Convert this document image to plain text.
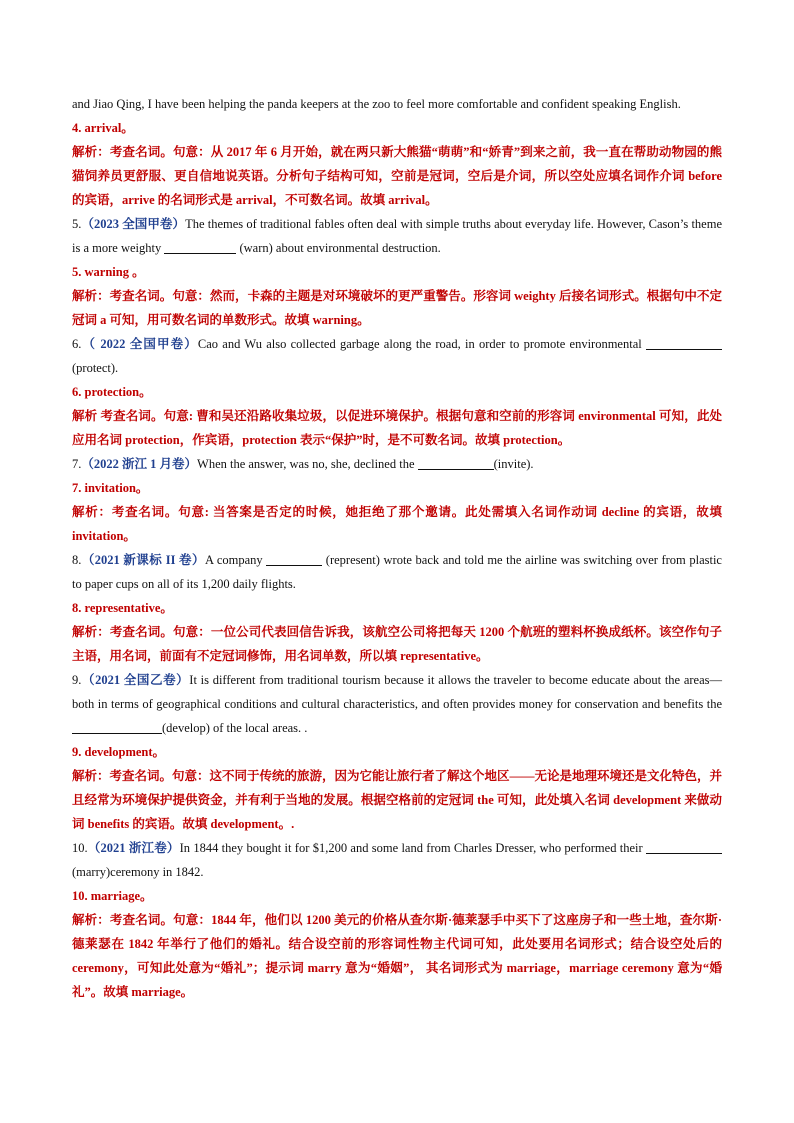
and Jiao Qing, I have been helping the panda keepers at the zoo to feel more comfortable and confident speaking English.
4. arrival。
解析：考查名词。句意：从 2017 年 6 月开始，就在两只新大熊猫“萌萌”和“娇青”到来之前，我一直在帮助动物园的熊猫饲养员更舒服、更自信地说英语。分析句子结构可知，空前是冠词，空后是介词，所以空处应填名词作介词 before 的宾语，arrive 的名词形式是 arrival，不可数名词。故填 arrival。
5.（2023 全国甲卷）The themes of traditional fables often deal with simple truths about everyday life. However, Cason’s theme is a more weighty	(warn) about environmental destruction.
5. warning 。
解析：考查名词。句意：然而，卡森的主题是对环境破坏的更严重警告。形容词 weighty 后接名词形式。根据句中不定冠词 a 可知，用可数名词的单数形式。故填 warning。
6.（ 2022 全国甲卷）Cao and Wu also collected garbage along the road, in order to promote environmental  (protect).
6. protection。
解析 考查名词。句意: 曹和吴还沿路收集垃圾，以促进环境保护。根据句意和空前的形容词 environmental 可知，此处应用名词 protection，作宾语，protection 表示“保护”时，是不可数名词。故填 protection。
7.（2022 浙江 1 月卷）When the answer, was no, she, declined the	(invite).
7. invitation。
解析：考查名词。句意: 当答案是否定的时候，她拒绝了那个邀请。此处需填入名词作动词 decline 的宾语，故填 invitation。
8.（2021 新课标 II 卷）A company	(represent) wrote back and told me the airline was switching over from plastic to paper cups on all of its 1,200 daily flights.
8. representative。
解析：考查名词。句意：一位公司代表回信告诉我，该航空公司将把每天 1200 个航班的塑料杯换成纸杯。该空作句子主语，用名词，前面有不定冠词修饰，用名词单数，所以填 representative。
9.（2021 全国乙卷）It is different from traditional tourism because it allows the traveler to become educate about the areas—both in terms of geographical conditions and cultural characteristics, and often provides money for conservation and benefits the (develop) of the local areas. .
9. development。
解析：考查名词。句意：这不同于传统的旅游，因为它能让旅行者了解这个地区——无论是地理环境还是文化特色，并且经常为环境保护提供资金，并有利于当地的发展。根据空格前的定冠词 the 可知，此处填入名词 development 来做动词 benefits 的宾语。故填 development。.
10.（2021 浙江卷）In 1844 they bought it for $1,200 and some land from Charles Dresser, who performed their  (marry)ceremony in 1842.
10. marriage。
解析：考查名词。句意：1844 年，他们以 1200 美元的价格从查尔斯·德莱瑟手中买下了这座房子和一些土地，查尔斯·德莱瑟在 1842 年举行了他们的婚礼。结合设空前的形容词性物主代词可知，此处要用名词形式；结合设空处后的 ceremony，可知此处意为“婚礼”；提示词 marry 意为“婚姻”， 其名词形式为 marriage，marriage ceremony 意为“婚礼”。故填 marriage。
